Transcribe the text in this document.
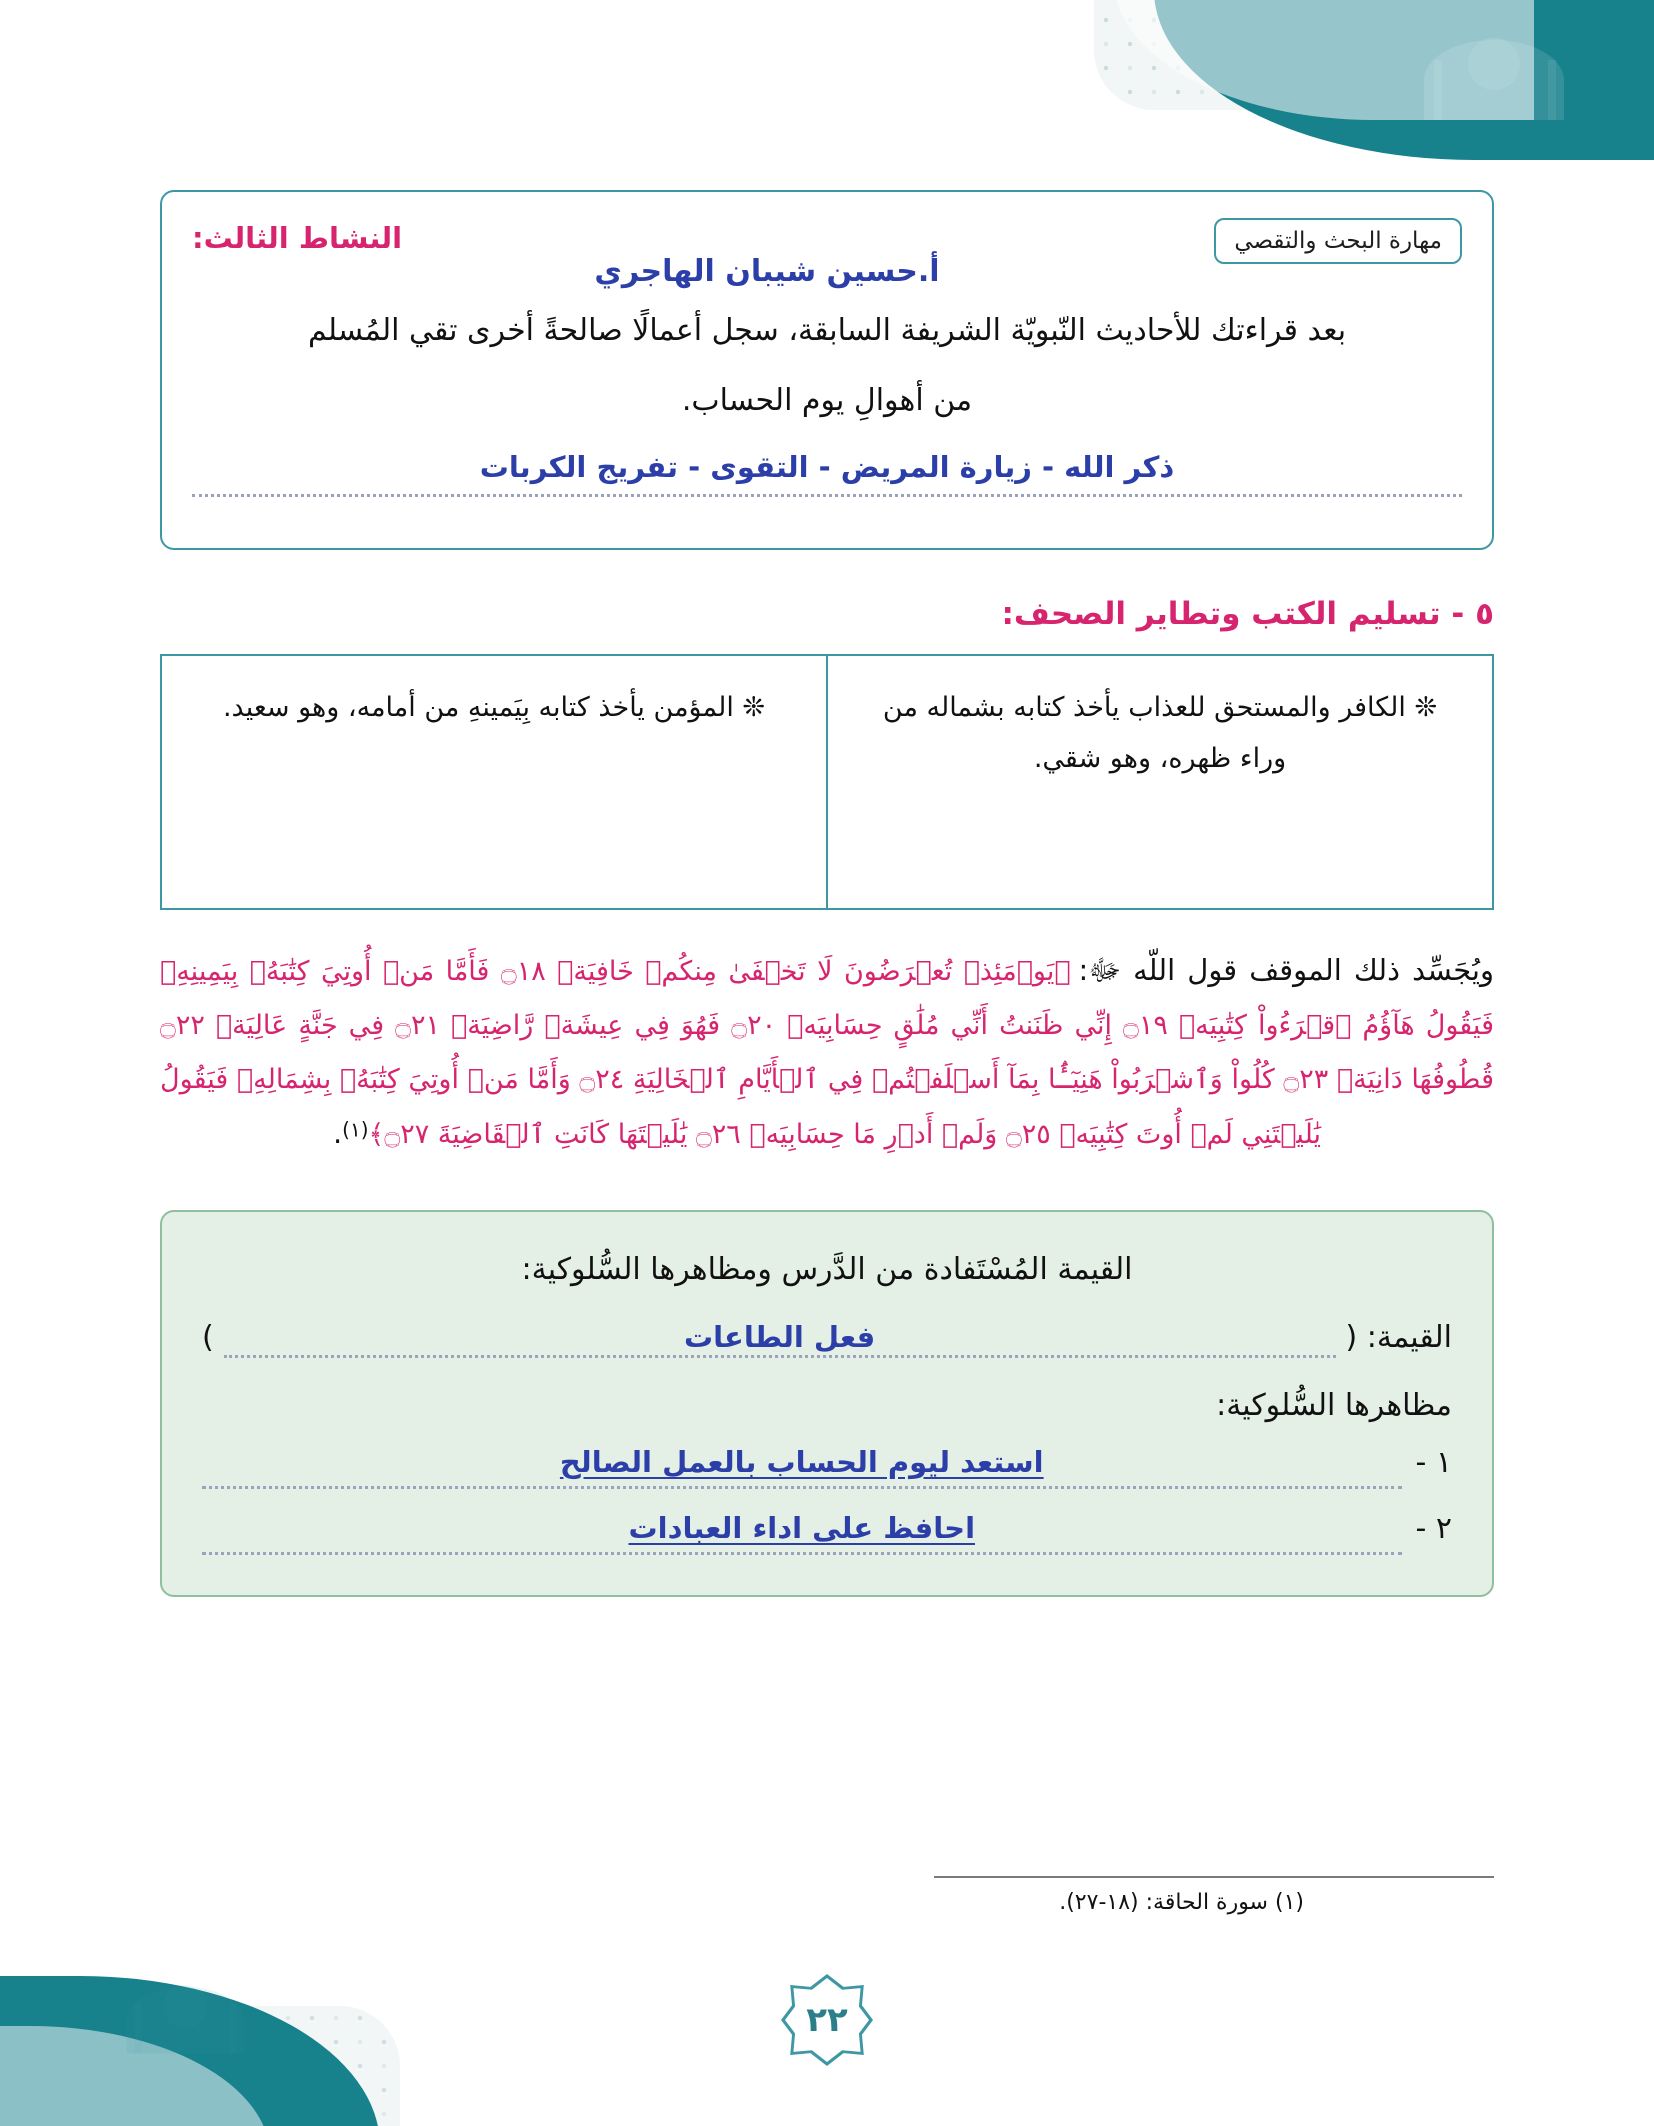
النشاط الثالث:	مهارة البحث والتقصي
أ.حسين شيبان الهاجري
بعد قراءتك للأحاديث النّبويّة الشريفة السابقة، سجل أعمالًا صالحةً أخرى تقي المُسلم
من أهوالِ يوم الحساب.
ذكر الله - زيارة المريض - التقوى - تفريج الكربات
٥ - تسليم الكتب وتطاير الصحف:
❊ الكافر والمستحق للعذاب يأخذ كتابه بشماله من وراء ظهره، وهو شقي.	❊ المؤمن يأخذ كتابه بِيَمينهِ من أمامه، وهو سعيد.
ويُجَسِّد ذلك الموقف قول اللّه ﷻ: ﴿يَوۡمَئِذٖ تُعۡرَضُونَ لَا تَخۡفَىٰ مِنكُمۡ خَافِيَةٞ ۝١٨ فَأَمَّا مَنۡ أُوتِيَ كِتَٰبَهُۥ بِيَمِينِهِۦ فَيَقُولُ هَآؤُمُ ٱقۡرَءُواْ كِتَٰبِيَهۡ ۝١٩ إِنِّي ظَنَنتُ أَنِّي مُلَٰقٍ حِسَابِيَهۡ ۝٢٠ فَهُوَ فِي عِيشَةٖ رَّاضِيَةٖ ۝٢١ فِي جَنَّةٍ عَالِيَةٖ ۝٢٢ قُطُوفُهَا دَانِيَةٞ ۝٢٣ كُلُواْ وَٱشۡرَبُواْ هَنِيٓـَٔۢا بِمَآ أَسۡلَفۡتُمۡ فِي ٱلۡأَيَّامِ ٱلۡخَالِيَةِ ۝٢٤ وَأَمَّا مَنۡ أُوتِيَ كِتَٰبَهُۥ بِشِمَالِهِۦ فَيَقُولُ يَٰلَيۡتَنِي لَمۡ أُوتَ كِتَٰبِيَهۡ ۝٢٥ وَلَمۡ أَدۡرِ مَا حِسَابِيَهۡ ۝٢٦ يَٰلَيۡتَهَا كَانَتِ ٱلۡقَاضِيَةَ ۝٢٧﴾(١).
القيمة المُسْتَفادة من الدَّرس ومظاهرها السُّلوكية:
القيمة: (
فعل الطاعات
)
مظاهرها السُّلوكية:
١ -
استعد ليوم الحساب بالعمل الصالح
٢ -
احافظ على اداء العبادات
(١) سورة الحاقة: (١٨-٢٧).
٢٢
